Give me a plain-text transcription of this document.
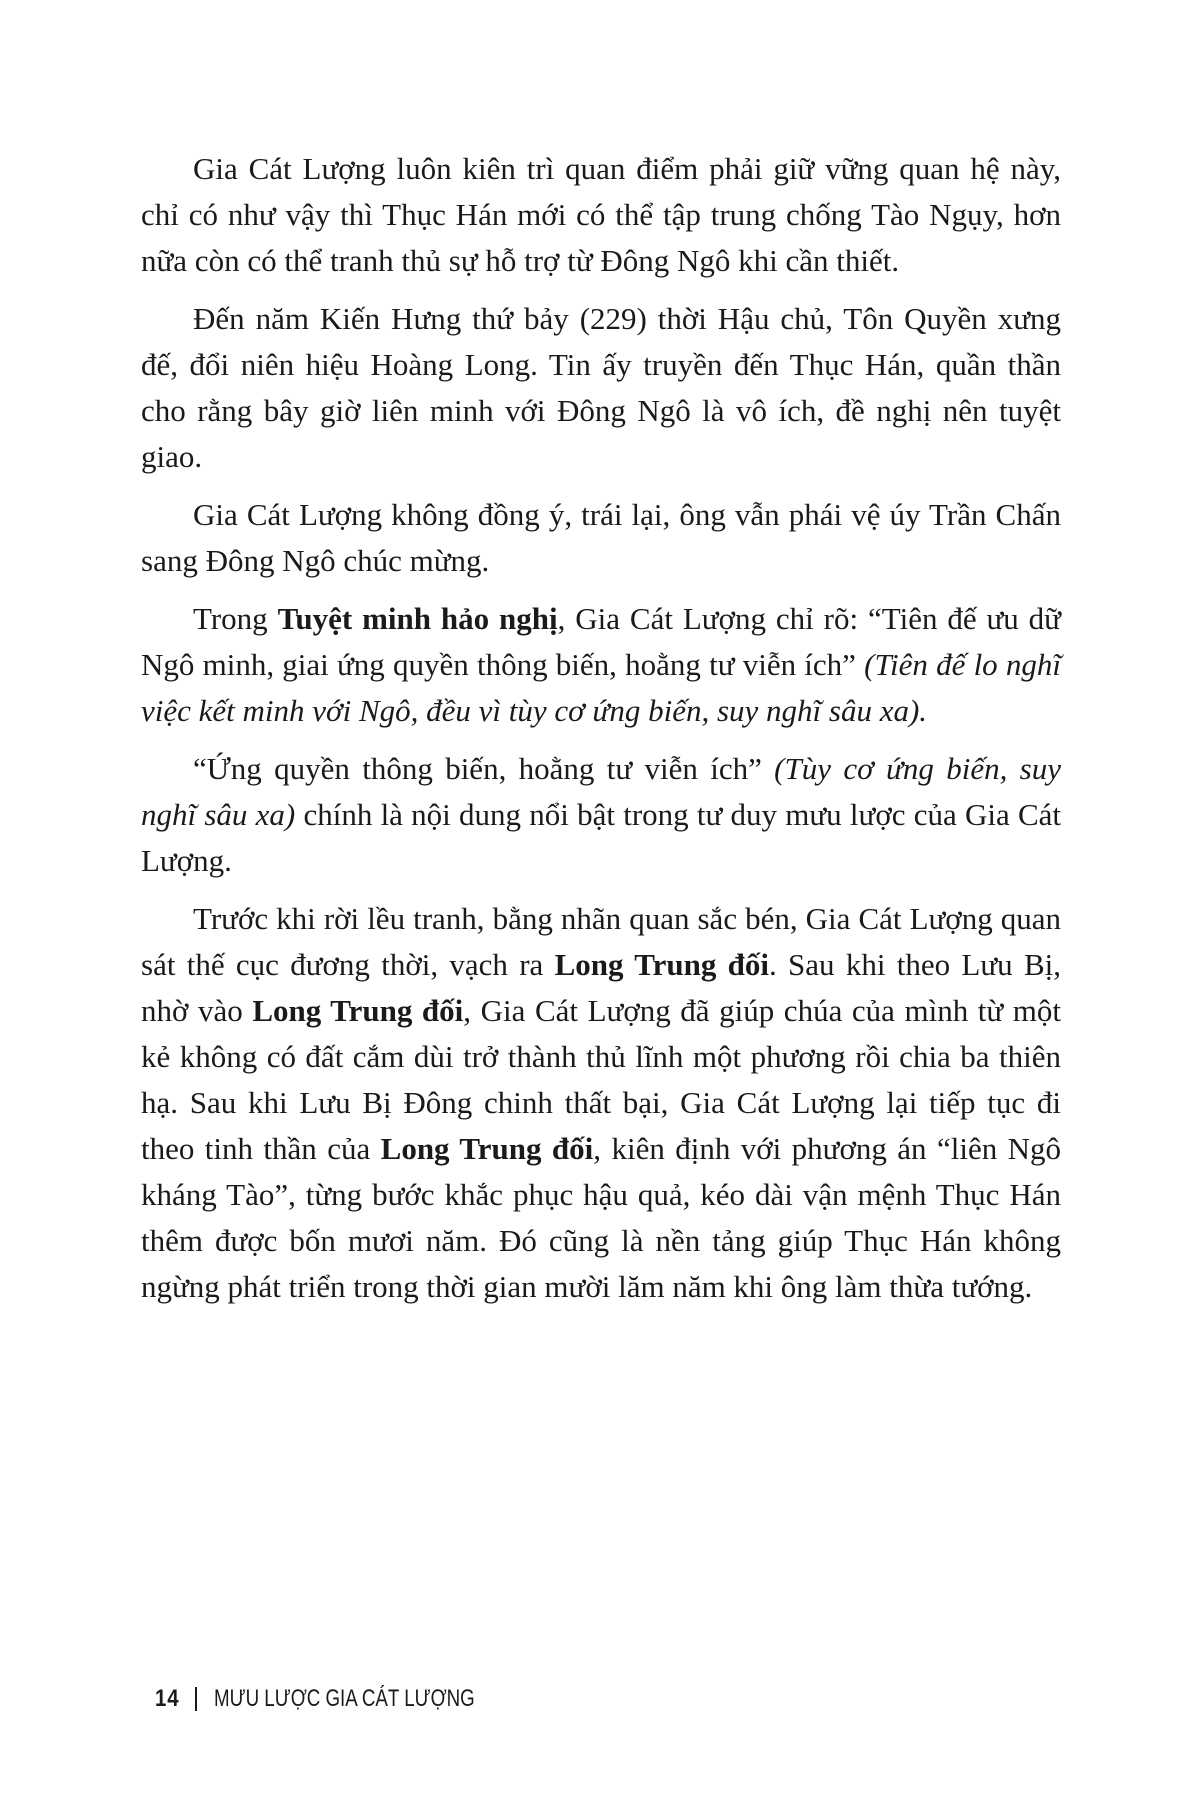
Gia Cát Lượng luôn kiên trì quan điểm phải giữ vững quan hệ này, chỉ có như vậy thì Thục Hán mới có thể tập trung chống Tào Ngụy, hơn nữa còn có thể tranh thủ sự hỗ trợ từ Đông Ngô khi cần thiết.

Đến năm Kiến Hưng thứ bảy (229) thời Hậu chủ, Tôn Quyền xưng đế, đổi niên hiệu Hoàng Long. Tin ấy truyền đến Thục Hán, quần thần cho rằng bây giờ liên minh với Đông Ngô là vô ích, đề nghị nên tuyệt giao.

Gia Cát Lượng không đồng ý, trái lại, ông vẫn phái vệ úy Trần Chấn sang Đông Ngô chúc mừng.

Trong Tuyệt minh hảo nghị, Gia Cát Lượng chỉ rõ: “Tiên đế ưu dữ Ngô minh, giai ứng quyền thông biến, hoằng tư viễn ích” (Tiên đế lo nghĩ việc kết minh với Ngô, đều vì tùy cơ ứng biến, suy nghĩ sâu xa).

“Ứng quyền thông biến, hoằng tư viễn ích” (Tùy cơ ứng biến, suy nghĩ sâu xa) chính là nội dung nổi bật trong tư duy mưu lược của Gia Cát Lượng.

Trước khi rời lều tranh, bằng nhãn quan sắc bén, Gia Cát Lượng quan sát thế cục đương thời, vạch ra Long Trung đối. Sau khi theo Lưu Bị, nhờ vào Long Trung đối, Gia Cát Lượng đã giúp chúa của mình từ một kẻ không có đất cắm dùi trở thành thủ lĩnh một phương rồi chia ba thiên hạ. Sau khi Lưu Bị Đông chinh thất bại, Gia Cát Lượng lại tiếp tục đi theo tinh thần của Long Trung đối, kiên định với phương án “liên Ngô kháng Tào”, từng bước khắc phục hậu quả, kéo dài vận mệnh Thục Hán thêm được bốn mươi năm. Đó cũng là nền tảng giúp Thục Hán không ngừng phát triển trong thời gian mười lăm năm khi ông làm thừa tướng.

14 MƯU LƯỢC GIA CÁT LƯỢNG
